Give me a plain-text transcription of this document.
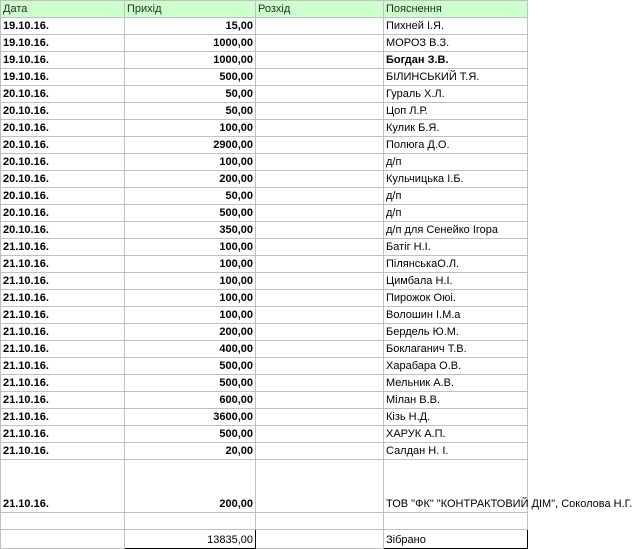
Дата	Прихід	Розхід	Пояснення
19.10.16.	15,00		Пихней І.Я.
19.10.16.	1000,00		МОРОЗ В.З.
19.10.16.	1000,00		Богдан З.В.
19.10.16.	500,00		БІЛИНСЬКИЙ Т.Я.
20.10.16.	50,00		Гураль Х.Л.
20.10.16.	50,00		Цоп Л.Р.
20.10.16.	100,00		Кулик Б.Я.
20.10.16.	2900,00		Полюга Д.О.
20.10.16.	100,00		д/п
20.10.16.	200,00		Кульчицька І.Б.
20.10.16.	50,00		д/п
20.10.16.	500,00		д/п
20.10.16.	350,00		д/п для Сенейко Ігора
21.10.16.	100,00		Батіг Н.І.
21.10.16.	100,00		ПілянськаО.Л.
21.10.16.	100,00		Цимбала Н.І.
21.10.16.	100,00		Пирожок Оюі.
21.10.16.	100,00		Волошин І.М.а
21.10.16.	200,00		Бердель Ю.М.
21.10.16.	400,00		Боклаганич Т.В.
21.10.16.	500,00		Харабара О.В.
21.10.16.	500,00		Мельник А.В.
21.10.16.	600,00		Мілан В.В.
21.10.16.	3600,00		Кізь Н.Д.
21.10.16.	500,00		ХАРУК А.П.
21.10.16.	20,00		Салдан Н. І.
21.10.16.	200,00		ТОВ "ФК" "КОНТРАКТОВИЙ ДІМ", Соколова Н.Г.

	13835,00		Зібрано
